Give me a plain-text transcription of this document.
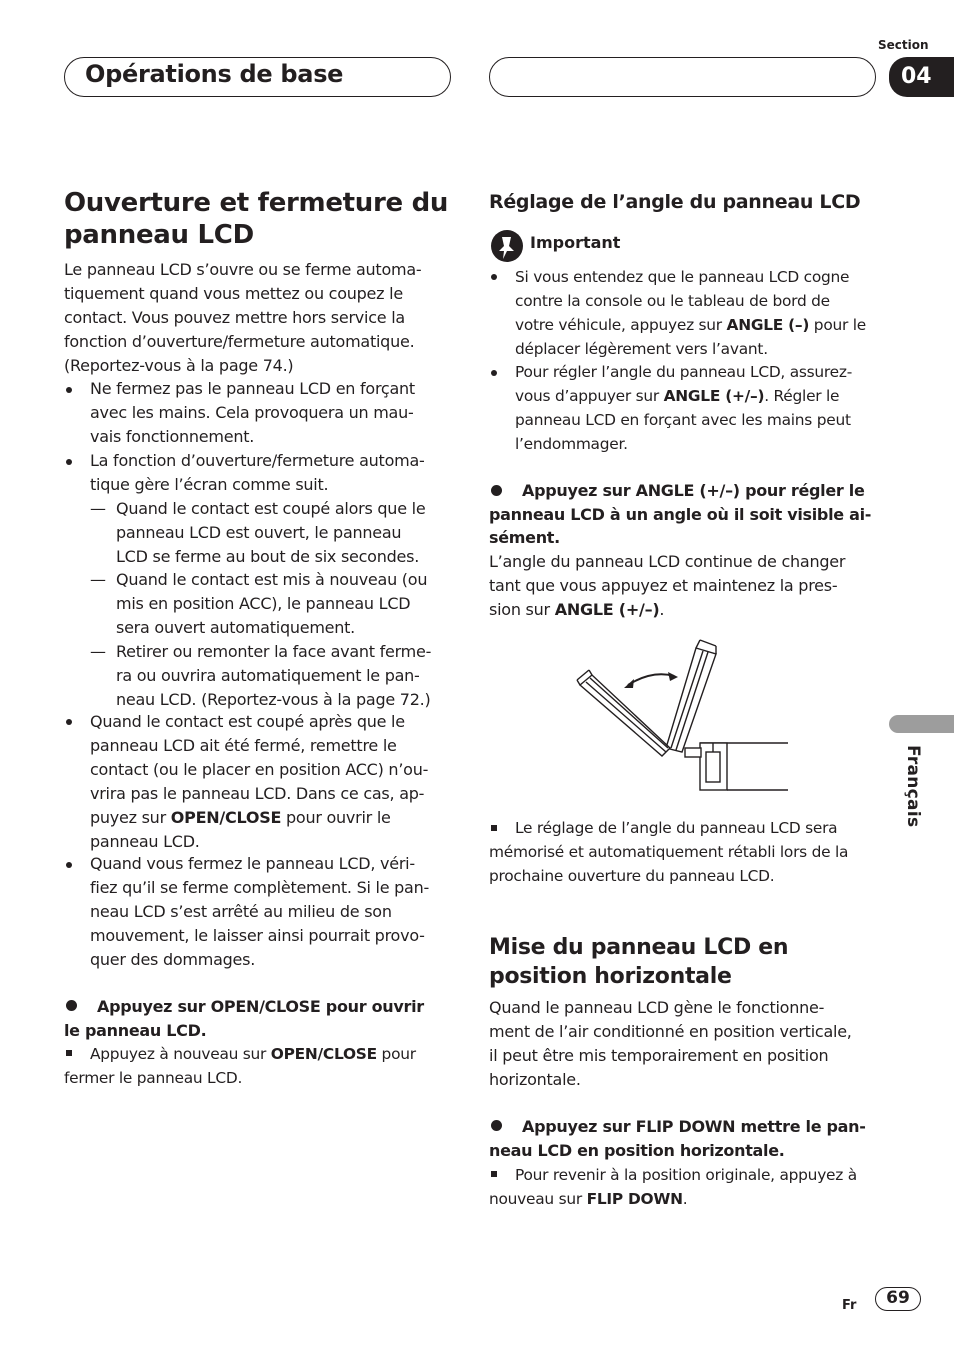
Opérations de base
Section
04
Ouverture et fermeture du panneau LCD

Le panneau LCD s’ouvre ou se ferme automa-

tiquement quand vous mettez ou coupez le

contact. Vous pouvez mettre hors service la

fonction d’ouverture/fermeture automatique.

(Reportez-vous à la page 74.)

Ne fermez pas le panneau LCD en forçant

avec les mains. Cela provoquera un mau-

vais fonctionnement.

La fonction d’ouverture/fermeture automa-

tique gère l’écran comme suit.

— Quand le contact est coupé alors que le

panneau LCD est ouvert, le panneau

LCD se ferme au bout de six secondes.

— Quand le contact est mis à nouveau (ou

mis en position ACC), le panneau LCD

sera ouvert automatiquement.

— Retirer ou remonter la face avant ferme-

ra ou ouvrira automatiquement le pan-

neau LCD. (Reportez-vous à la page 72.)

Quand le contact est coupé après que le

panneau LCD ait été fermé, remettre le

contact (ou le placer en position ACC) n’ou-

vrira pas le panneau LCD. Dans ce cas, ap-

puyez sur OPEN/CLOSE pour ouvrir le

panneau LCD.

Quand vous fermez le panneau LCD, véri-

fiez qu’il se ferme complètement. Si le pan-

neau LCD s’est arrêté au milieu de son

mouvement, le laisser ainsi pourrait provo-

quer des dommages.

Appuyez sur OPEN/CLOSE pour ouvrir

le panneau LCD.

Appuyez à nouveau sur OPEN/CLOSE pour

fermer le panneau LCD.

Réglage de l’angle du panneau LCD
Important

Si vous entendez que le panneau LCD cogne

contre la console ou le tableau de bord de

votre véhicule, appuyez sur ANGLE (–) pour le

déplacer légèrement vers l’avant.

Pour régler l’angle du panneau LCD, assurez-

vous d’appuyer sur ANGLE (+/–). Régler le

panneau LCD en forçant avec les mains peut

l’endommager.

Appuyez sur ANGLE (+/–) pour régler le

panneau LCD à un angle où il soit visible ai-

sément.

L’angle du panneau LCD continue de changer

tant que vous appuyez et maintenez la pres-

sion sur ANGLE (+/–).

Le réglage de l’angle du panneau LCD sera

mémorisé et automatiquement rétabli lors de la

prochaine ouverture du panneau LCD.

Mise du panneau LCD en position horizontale

Quand le panneau LCD gène le fonctionne-

ment de l’air conditionné en position verticale,

il peut être mis temporairement en position

horizontale.

Appuyez sur FLIP DOWN mettre le pan-

neau LCD en position horizontale.

Pour revenir à la position originale, appuyez à

nouveau sur FLIP DOWN.

Français
Fr	69
